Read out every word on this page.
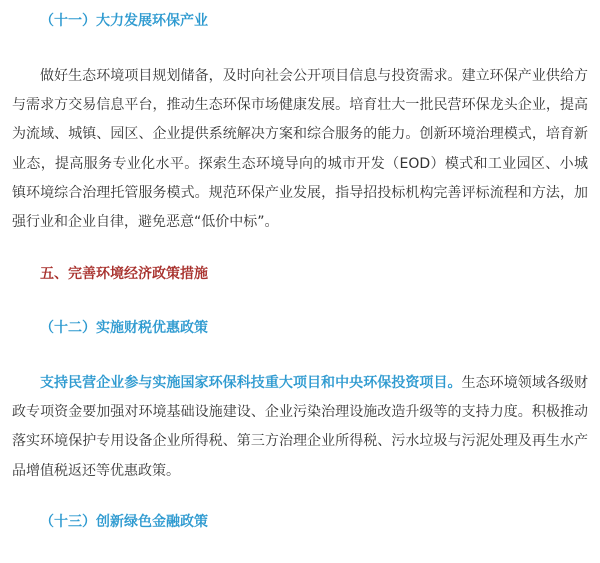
（十一）大力发展环保产业

做好生态环境项目规划储备，及时向社会公开项目信息与投资需求。建立环保产业供给方与需求方交易信息平台，推动生态环保市场健康发展。培育壮大一批民营环保龙头企业，提高为流域、城镇、园区、企业提供系统解决方案和综合服务的能力。创新环境治理模式，培育新业态，提高服务专业化水平。探索生态环境导向的城市开发（EOD）模式和工业园区、小城镇环境综合治理托管服务模式。规范环保产业发展，指导招投标机构完善评标流程和方法，加强行业和企业自律，避免恶意“低价中标”。

五、完善环境经济政策措施
（十二）实施财税优惠政策

支持民营企业参与实施国家环保科技重大项目和中央环保投资项目。生态环境领域各级财政专项资金要加强对环境基础设施建设、企业污染治理设施改造升级等的支持力度。积极推动落实环境保护专用设备企业所得税、第三方治理企业所得税、污水垃圾与污泥处理及再生水产品增值税返还等优惠政策。

（十三）创新绿色金融政策
